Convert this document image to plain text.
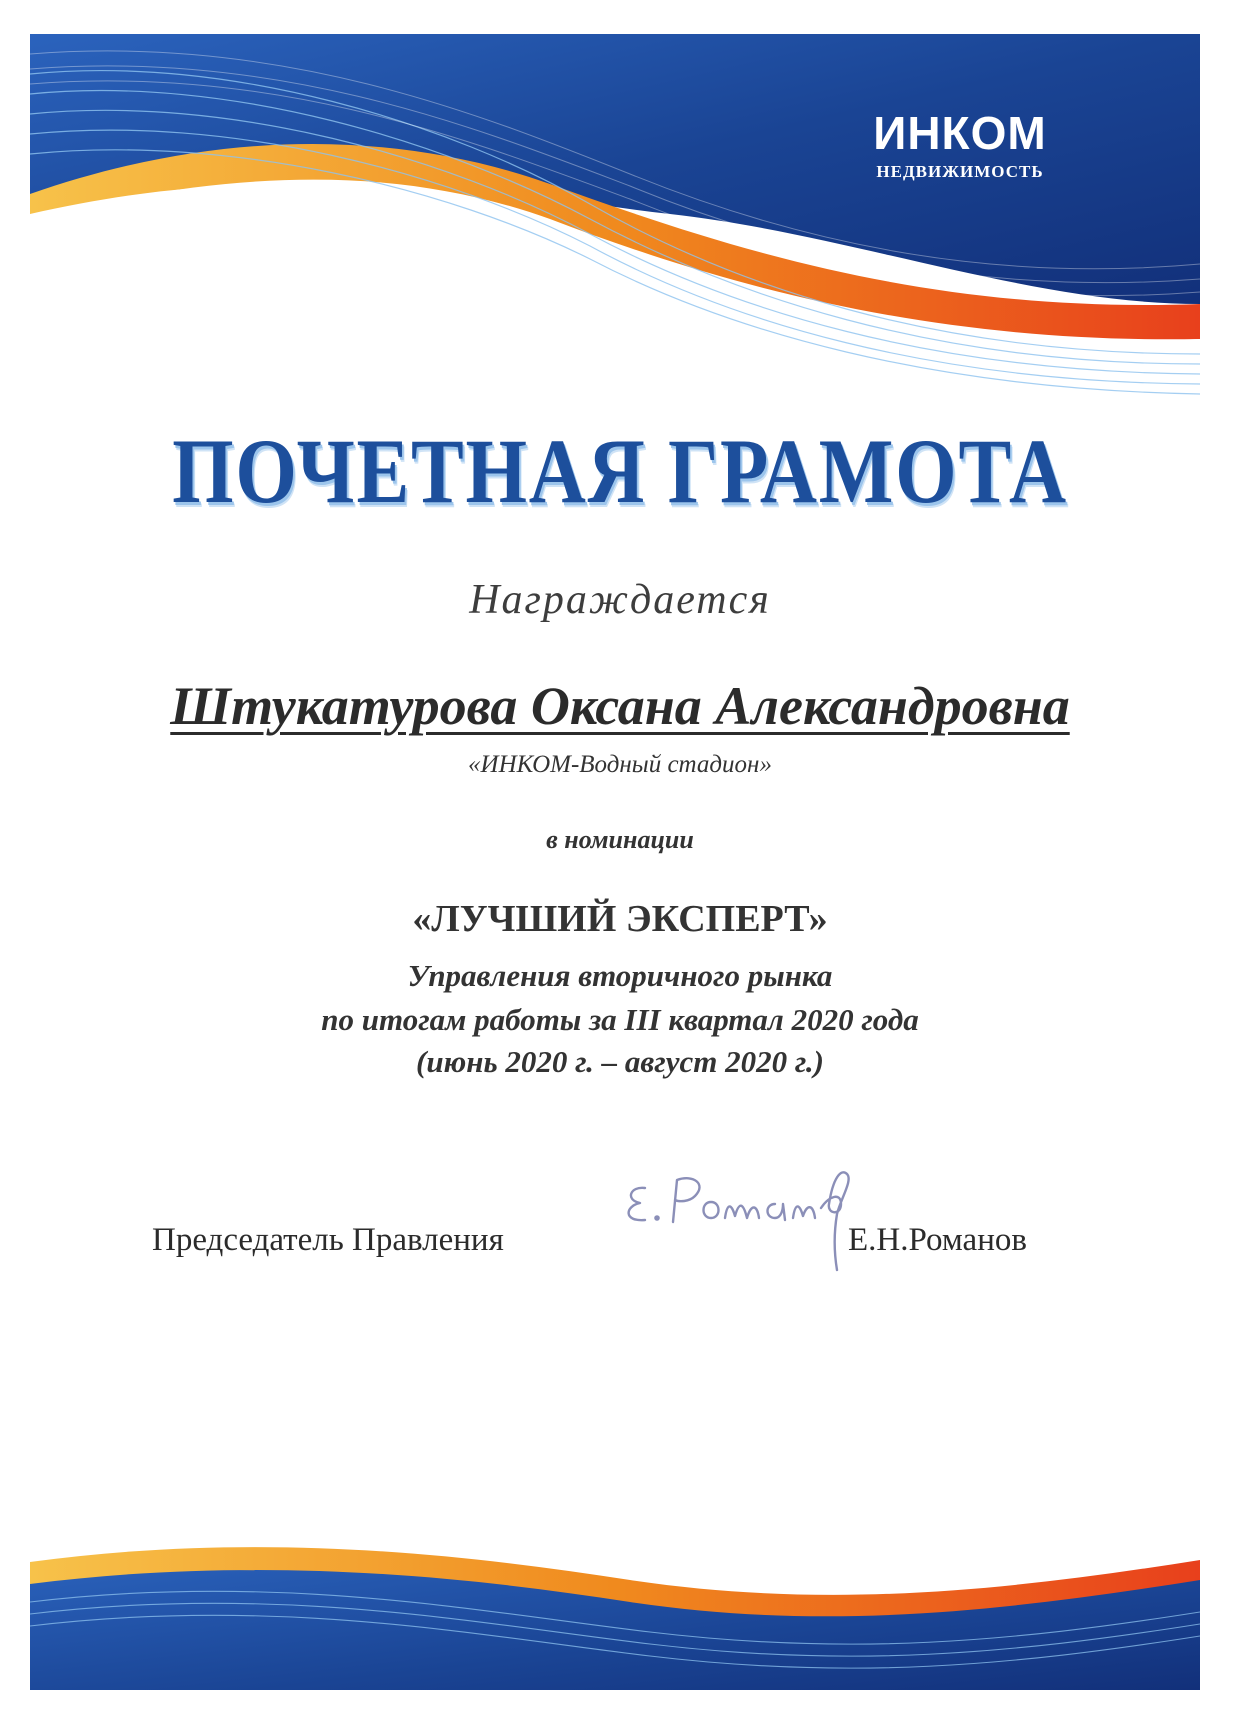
ИНКОМ
НЕДВИЖИМОСТЬ
ПОЧЕТНАЯ ГРАМОТА
Награждается
Штукатурова Оксана Александровна
«ИНКОМ-Водный стадион»
в номинации
«ЛУЧШИЙ ЭКСПЕРТ»
Управления вторичного рынка
по итогам работы за III квартал 2020 года
(июнь 2020 г. – август 2020 г.)
Председатель Правления	Е.Н.Романов
